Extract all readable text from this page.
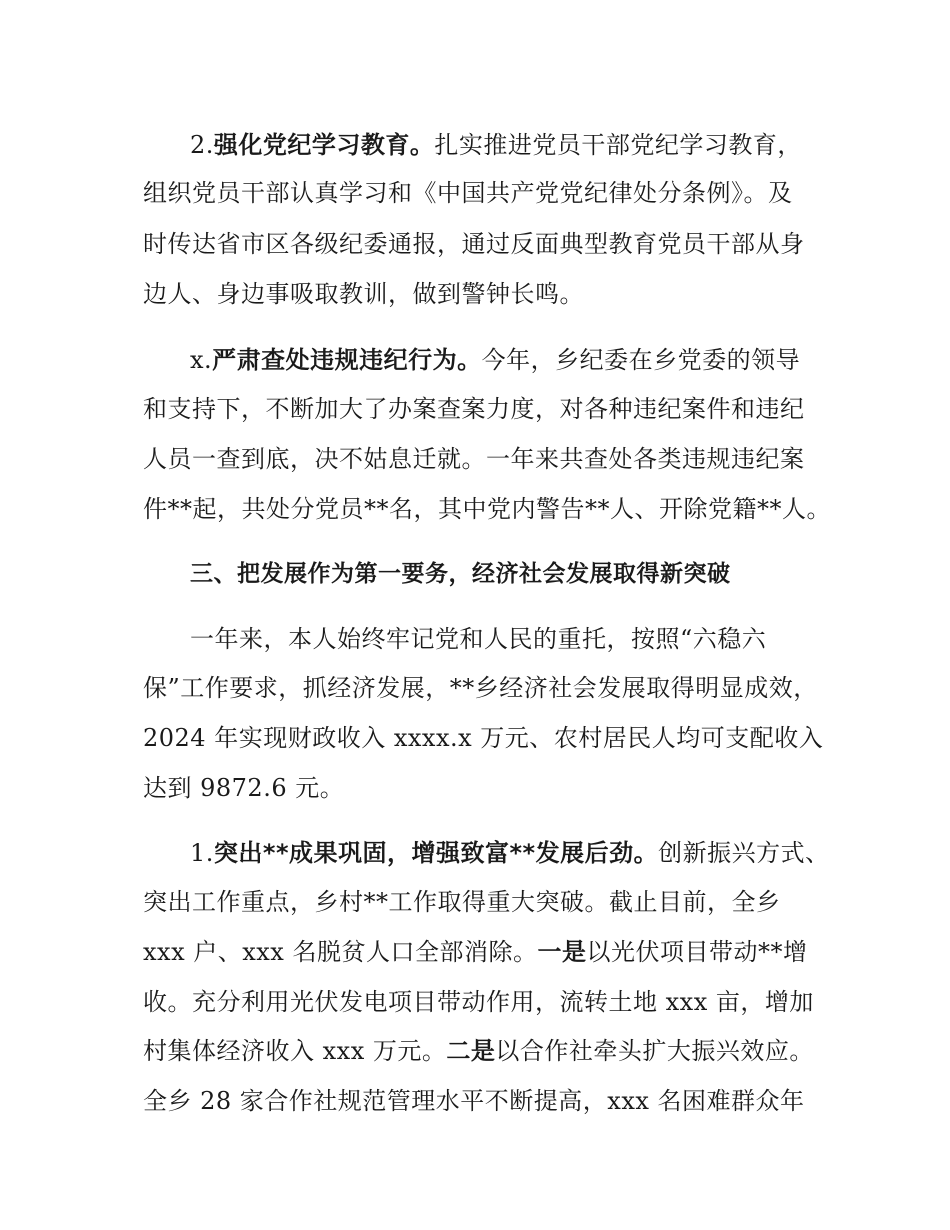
2.强化党纪学习教育。扎实推进党员干部党纪学习教育，
组织党员干部认真学习和《中国共产党党纪律处分条例》。及
时传达省市区各级纪委通报，通过反面典型教育党员干部从身
边人、身边事吸取教训，做到警钟长鸣。
x.严肃查处违规违纪行为。今年，乡纪委在乡党委的领导
和支持下，不断加大了办案查案力度，对各种违纪案件和违纪
人员一查到底，决不姑息迁就。一年来共查处各类违规违纪案
件**起，共处分党员**名，其中党内警告**人、开除党籍**人。
三、把发展作为第一要务，经济社会发展取得新突破
一年来，本人始终牢记党和人民的重托，按照“六稳六
保”工作要求，抓经济发展，**乡经济社会发展取得明显成效，
2024 年实现财政收入 xxxx.x 万元、农村居民人均可支配收入
达到 9872.6 元。
1.突出**成果巩固，增强致富**发展后劲。创新振兴方式、
突出工作重点，乡村**工作取得重大突破。截止目前，全乡
xxx 户、xxx 名脱贫人口全部消除。一是以光伏项目带动**增
收。充分利用光伏发电项目带动作用，流转土地 xxx 亩，增加
村集体经济收入 xxx 万元。二是以合作社牵头扩大振兴效应。
全乡 28 家合作社规范管理水平不断提高，xxx 名困难群众年
